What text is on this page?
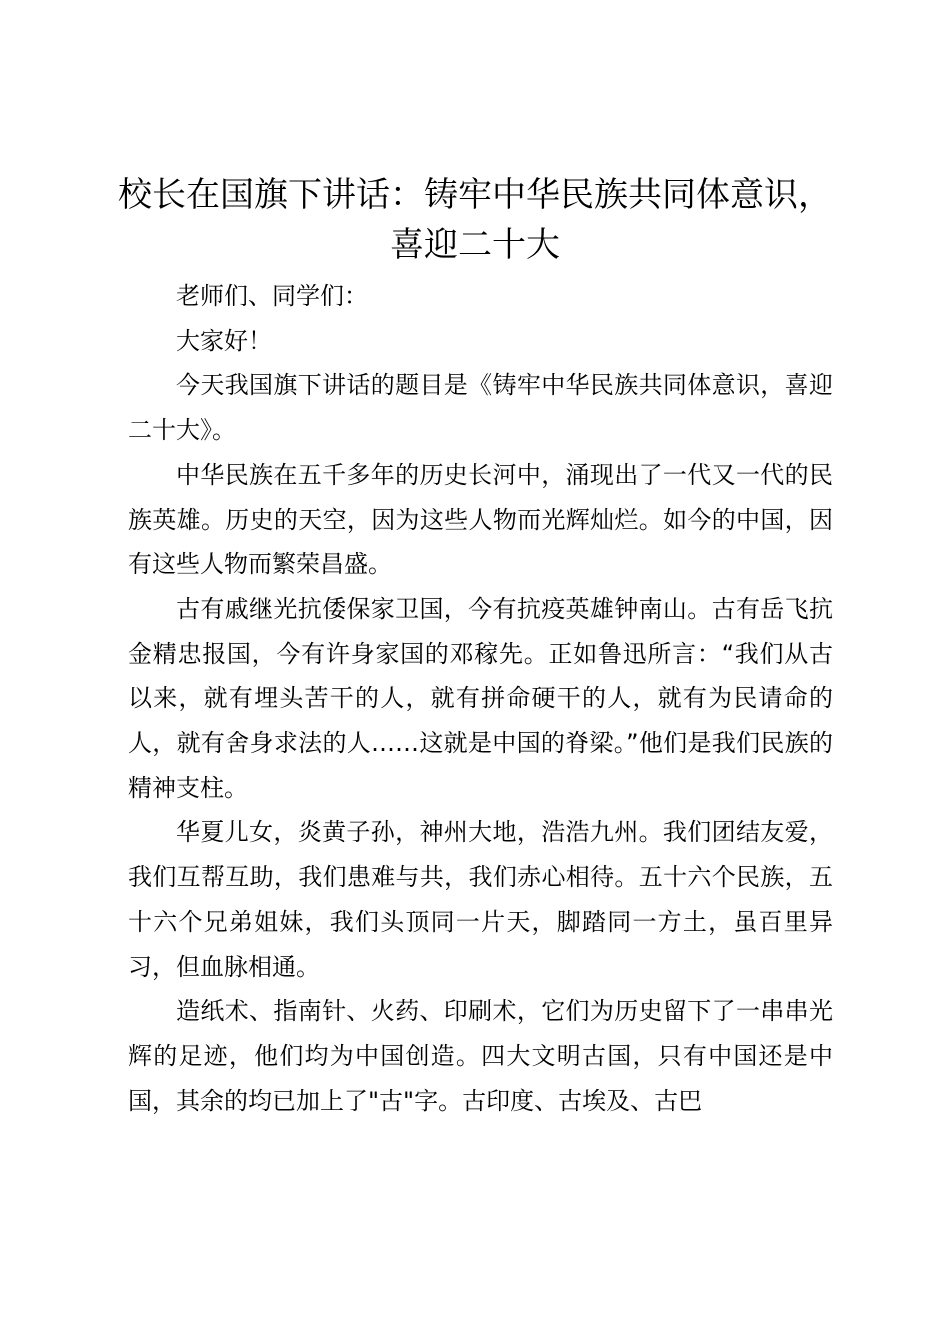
校长在国旗下讲话：铸牢中华民族共同体意识，喜迎二十大

老师们、同学们：

大家好！

今天我国旗下讲话的题目是《铸牢中华民族共同体意识，喜迎二十大》。

中华民族在五千多年的历史长河中，涌现出了一代又一代的民族英雄。历史的天空，因为这些人物而光辉灿烂。如今的中国，因有这些人物而繁荣昌盛。

古有戚继光抗倭保家卫国，今有抗疫英雄钟南山。古有岳飞抗金精忠报国，今有许身家国的邓稼先。正如鲁迅所言：“我们从古以来，就有埋头苦干的人，就有拼命硬干的人，就有为民请命的人，就有舍身求法的人……这就是中国的脊梁。”他们是我们民族的精神支柱。

华夏儿女，炎黄子孙，神州大地，浩浩九州。我们团结友爱，我们互帮互助，我们患难与共，我们赤心相待。五十六个民族，五十六个兄弟姐妹，我们头顶同一片天，脚踏同一方土，虽百里异习，但血脉相通。

造纸术、指南针、火药、印刷术，它们为历史留下了一串串光辉的足迹，他们均为中国创造。四大文明古国，只有中国还是中国，其余的均已加上了"古"字。古印度、古埃及、古巴
